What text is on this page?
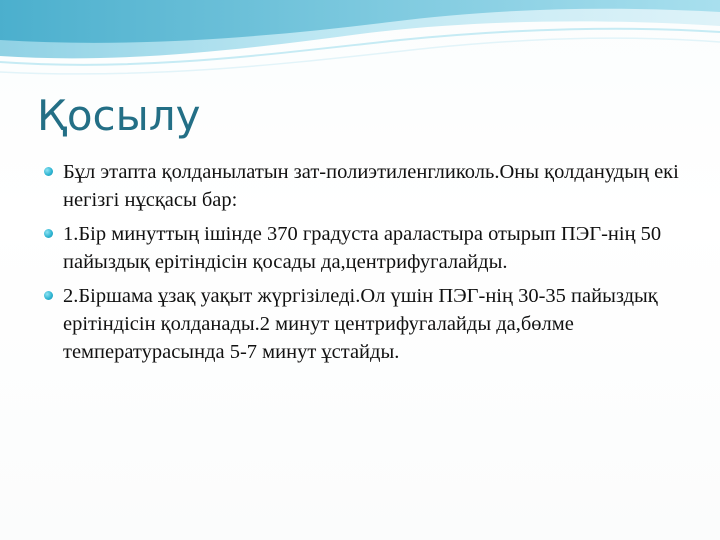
Қосылу
Бұл этапта қолданылатын зат-полиэтиленгликоль.Оны қолданудың екі негізгі нұсқасы бар:
1.Бір минуттың ішінде 370 градуста араластыра отырып ПЭГ-нің 50 пайыздық ерітіндісін қосады да,центрифугалайды.
2.Біршама ұзақ уақыт жүргізіледі.Ол үшін ПЭГ-нің 30-35 пайыздық ерітіндісін қолданады.2 минут центрифугалайды да,бөлме температурасында 5-7 минут ұстайды.
